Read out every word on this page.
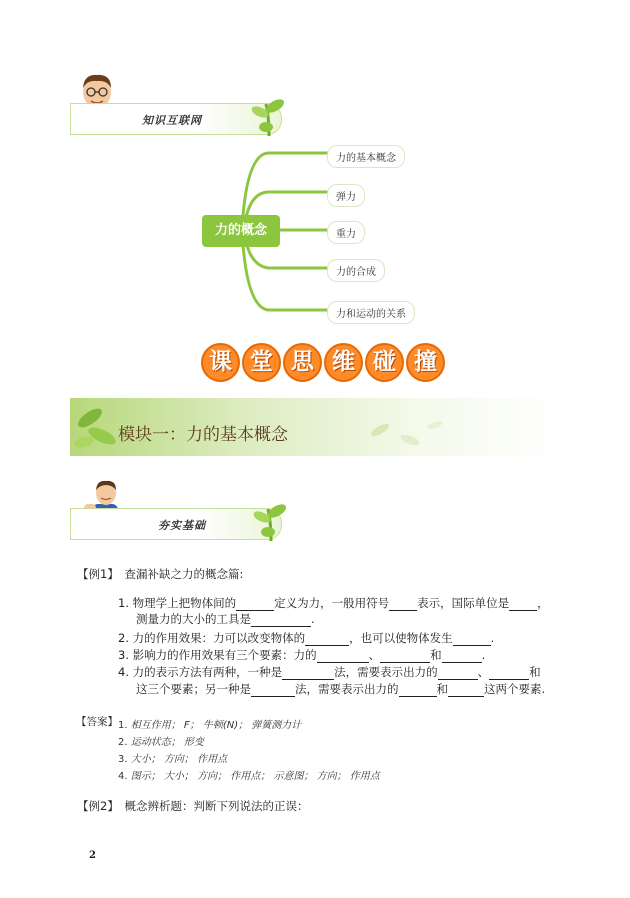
知识互联网
力的概念
力的基本概念
弹力
重力
力的合成
力和运动的关系
课 堂 思 维 碰 撞
模块一：力的基本概念
夯实基础
【例1】 查漏补缺之力的概念篇:
1. 物理学上把物体间的	定义为力，一般用符号 表示，国际单位是 ，
测量力的大小的工具是	.
2. 力的作用效果：力可以改变物体的	，也可以使物体发生	.
3. 影响力的作用效果有三个要素：力的	、	和	.
4. 力的表示方法有两种，一种是	法，需要表示出力的	、	和
这三个要素；另一种是	法，需要表示出力的	和	这两个要素.
【答案】 1. 相互作用； F； 牛顿(N)； 弹簧测力计
2. 运动状态； 形变
3. 大小； 方向； 作用点
4. 图示； 大小； 方向； 作用点； 示意图； 方向； 作用点
【例2】 概念辨析题：判断下列说法的正误：
2
